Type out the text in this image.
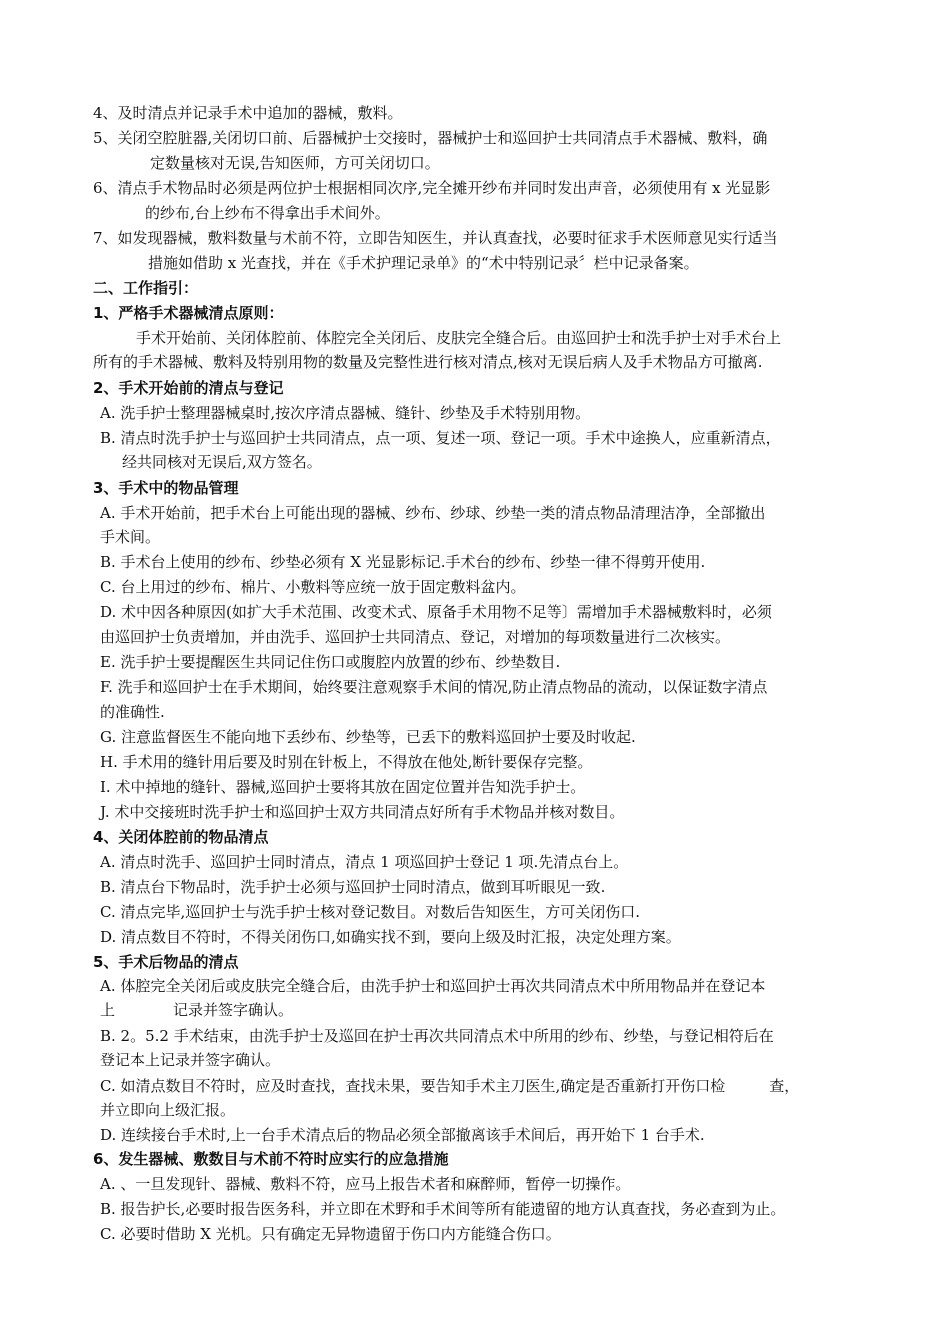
4、及时清点并记录手术中追加的器械，敷料。
5、关闭空腔脏器,关闭切口前、后器械护士交接时，器械护士和巡回护士共同清点手术器械、敷料，确
定数量核对无误,告知医师，方可关闭切口。
6、清点手术物品时必须是两位护士根据相同次序,完全摊开纱布并同时发出声音，必须使用有 x 光显影
的纱布,台上纱布不得拿出手术间外。
7、如发现器械，敷料数量与术前不符，立即告知医生，并认真查找，必要时征求手术医师意见实行适当
措施如借助 x 光查找，并在《手术护理记录单》的“术中特别记录〞栏中记录备案。
二、工作指引：
1、严格手术器械清点原则：
手术开始前、关闭体腔前、体腔完全关闭后、皮肤完全缝合后。由巡回护士和洗手护士对手术台上
所有的手术器械、敷料及特别用物的数量及完整性进行核对清点,核对无误后病人及手术物品方可撤离.
2、手术开始前的清点与登记
A. 洗手护士整理器械桌时,按次序清点器械、缝针、纱垫及手术特别用物。
B. 清点时洗手护士与巡回护士共同清点，点一项、复述一项、登记一项。手术中途换人，应重新清点，
经共同核对无误后,双方签名。
3、手术中的物品管理
A. 手术开始前，把手术台上可能出现的器械、纱布、纱球、纱垫一类的清点物品清理洁净，全部撤出
手术间。
B. 手术台上使用的纱布、纱垫必须有 X 光显影标记.手术台的纱布、纱垫一律不得剪开使用.
C. 台上用过的纱布、棉片、小敷料等应统一放于固定敷料盆内。
D. 术中因各种原因(如扩大手术范围、改变术式、原备手术用物不足等〕需增加手术器械敷料时，必须
由巡回护士负责增加，并由洗手、巡回护士共同清点、登记，对增加的每项数量进行二次核实。
E. 洗手护士要提醒医生共同记住伤口或腹腔内放置的纱布、纱垫数目.
F. 洗手和巡回护士在手术期间，始终要注意观察手术间的情况,防止清点物品的流动，以保证数字清点
的准确性.
G. 注意监督医生不能向地下丢纱布、纱垫等，已丢下的敷料巡回护士要及时收起.
H. 手术用的缝针用后要及时别在针板上，不得放在他处,断针要保存完整。
I. 术中掉地的缝针、器械,巡回护士要将其放在固定位置并告知洗手护士。
J. 术中交接班时洗手护士和巡回护士双方共同清点好所有手术物品并核对数目。
4、关闭体腔前的物品清点
A. 清点时洗手、巡回护士同时清点，清点 1 项巡回护士登记 1 项.先清点台上。
B. 清点台下物品时，洗手护士必须与巡回护士同时清点，做到耳听眼见一致.
C. 清点完毕,巡回护士与洗手护士核对登记数目。对数后告知医生，方可关闭伤口.
D. 清点数目不符时，不得关闭伤口,如确实找不到，要向上级及时汇报，决定处理方案。
5、手术后物品的清点
A. 体腔完全关闭后或皮肤完全缝合后，由洗手护士和巡回护士再次共同清点术中所用物品并在登记本
上	记录并签字确认。
B. 2。5.2 手术结束，由洗手护士及巡回在护士再次共同清点术中所用的纱布、纱垫，与登记相符后在
登记本上记录并签字确认。
C. 如清点数目不符时，应及时查找，查找未果，要告知手术主刀医生,确定是否重新打开伤口检	查，
并立即向上级汇报。
D. 连续接台手术时,上一台手术清点后的物品必须全部撤离该手术间后，再开始下 1 台手术.
6、发生器械、敷数目与术前不符时应实行的应急措施
A. 、一旦发现针、器械、敷料不符，应马上报告术者和麻醉师，暂停一切操作。
B. 报告护长,必要时报告医务科，并立即在术野和手术间等所有能遗留的地方认真查找，务必查到为止。
C. 必要时借助 X 光机。只有确定无异物遗留于伤口内方能缝合伤口。
